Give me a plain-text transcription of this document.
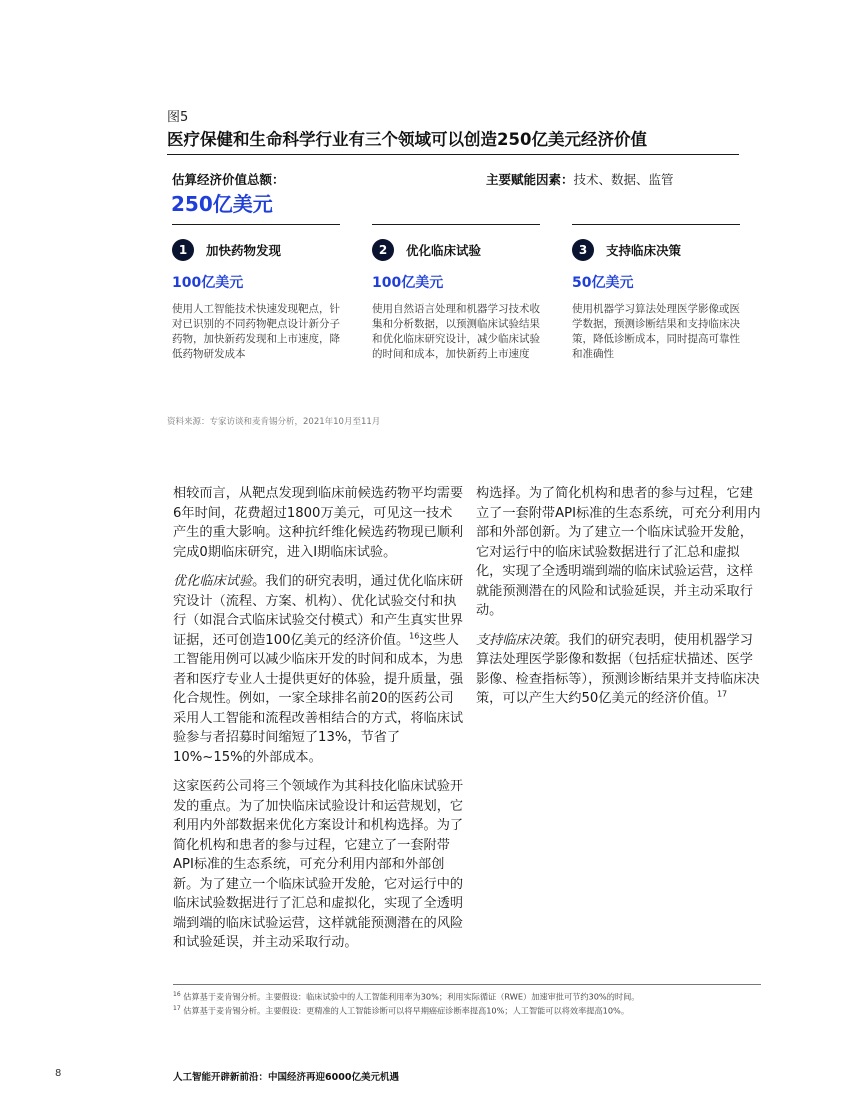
图5
医疗保健和生命科学行业有三个领域可以创造250亿美元经济价值
估算经济价值总额：
250亿美元
主要赋能因素：技术、数据、监管
1	加快药物发现
100亿美元
使用人工智能技术快速发现靶点，针对已识别的不同药物靶点设计新分子药物，加快新药发现和上市速度，降低药物研发成本
2	优化临床试验
100亿美元
使用自然语言处理和机器学习技术收集和分析数据，以预测临床试验结果和优化临床研究设计，减少临床试验的时间和成本，加快新药上市速度
3	支持临床决策
50亿美元
使用机器学习算法处理医学影像或医学数据，预测诊断结果和支持临床决策，降低诊断成本，同时提高可靠性和准确性
资料来源：专家访谈和麦肯锡分析，2021年10月至11月

相较而言，从靶点发现到临床前候选药物平均需要6年时间，花费超过1800万美元，可见这一技术产生的重大影响。这种抗纤维化候选药物现已顺利完成0期临床研究，进入I期临床试验。

优化临床试验。我们的研究表明，通过优化临床研究设计（流程、方案、机构）、优化试验交付和执行（如混合式临床试验交付模式）和产生真实世界证据，还可创造100亿美元的经济价值。$^{16}$这些人工智能用例可以减少临床开发的时间和成本，为患者和医疗专业人士提供更好的体验，提升质量，强化合规性。例如，一家全球排名前20的医药公司采用人工智能和流程改善相结合的方式，将临床试验参与者招募时间缩短了13%，节省了10%~15%的外部成本。

这家医药公司将三个领域作为其科技化临床试验开发的重点。为了加快临床试验设计和运营规划，它利用内外部数据来优化方案设计和机构选择。为了简化机构和患者的参与过程，它建立了一套附带API标准的生态系统，可充分利用内部和外部创新。为了建立一个临床试验开发舱，它对运行中的临床试验数据进行了汇总和虚拟化，实现了全透明端到端的临床试验运营，这样就能预测潜在的风险和试验延误，并主动采取行动。

构选择。为了简化机构和患者的参与过程，它建立了一套附带API标准的生态系统，可充分利用内部和外部创新。为了建立一个临床试验开发舱，它对运行中的临床试验数据进行了汇总和虚拟化，实现了全透明端到端的临床试验运营，这样就能预测潜在的风险和试验延误，并主动采取行动。

支持临床决策。我们的研究表明，使用机器学习算法处理医学影像和数据（包括症状描述、医学影像、检查指标等），预测诊断结果并支持临床决策，可以产生大约50亿美元的经济价值。$^{17}$

$^{16}$ 估算基于麦肯锡分析。主要假设：临床试验中的人工智能利用率为30%；利用实际循证（RWE）加速审批可节约30%的时间。
$^{17}$ 估算基于麦肯锡分析。主要假设：更精准的人工智能诊断可以将早期癌症诊断率提高10%；人工智能可以将效率提高10%。
8	人工智能开辟新前沿：中国经济再迎6000亿美元机遇
